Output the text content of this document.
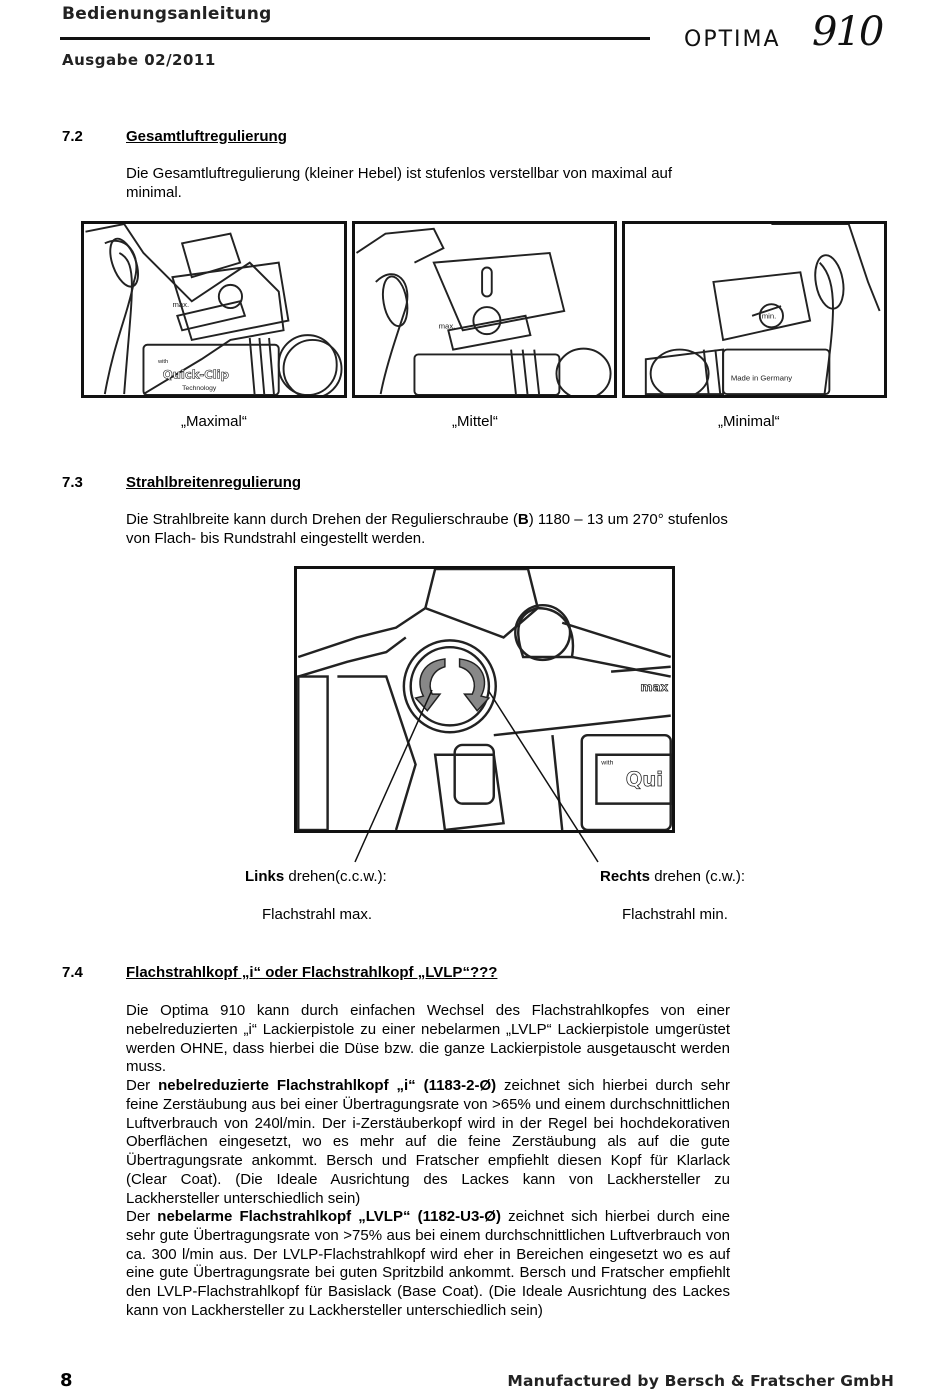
Bedienungsanleitung
Ausgabe 02/2011
OPTIMA 910
7.2	Gesamtluftregulierung
Die Gesamtluftregulierung (kleiner Hebel) ist stufenlos verstellbar von maximal auf minimal.
max.
with
Quick-Clip
Technology
max.
min.
Made in Germany
„Maximal“	„Mittel“	„Minimal“
7.3	Strahlbreitenregulierung
Die Strahlbreite kann durch Drehen der Regulierschraube (B) 1180 – 13 um 270° stufenlos von Flach- bis Rundstrahl eingestellt werden.
max
with
Qui
Links drehen(c.c.w.):
Flachstrahl max.
Rechts drehen (c.w.):
Flachstrahl min.
7.4	Flachstrahlkopf „i“ oder Flachstrahlkopf „LVLP“???
Die Optima 910 kann durch einfachen Wechsel des Flachstrahlkopfes von einer nebelreduzierten „i“ Lackierpistole zu einer nebelarmen „LVLP“ Lackierpistole umgerüstet werden OHNE, dass hierbei die Düse bzw. die ganze Lackierpistole ausgetauscht werden muss.
Der nebelreduzierte Flachstrahlkopf „i“ (1183-2-Ø) zeichnet sich hierbei durch sehr feine Zerstäubung aus bei einer Übertragungsrate von >65% und einem durchschnittlichen Luftverbrauch von 240l/min. Der i-Zerstäuberkopf wird in der Regel bei hochdekorativen Oberflächen eingesetzt, wo es mehr auf die feine Zerstäubung als auf die gute Übertragungsrate ankommt. Bersch und Fratscher empfiehlt diesen Kopf für Klarlack (Clear Coat). (Die Ideale Ausrichtung des Lackes kann von Lackhersteller zu Lackhersteller unterschiedlich sein)
Der nebelarme Flachstrahlkopf „LVLP“ (1182-U3-Ø) zeichnet sich hierbei durch eine sehr gute Übertragungsrate von >75% aus bei einem durchschnittlichen Luftverbrauch von ca. 300 l/min aus. Der LVLP-Flachstrahlkopf wird eher in Bereichen eingesetzt wo es auf eine gute Übertragungsrate bei guten Spritzbild ankommt. Bersch und Fratscher empfiehlt den LVLP-Flachstrahlkopf für Basislack (Base Coat). (Die Ideale Ausrichtung des Lackes kann von Lackhersteller zu Lackhersteller unterschiedlich sein)
8	Manufactured by Bersch & Fratscher GmbH
